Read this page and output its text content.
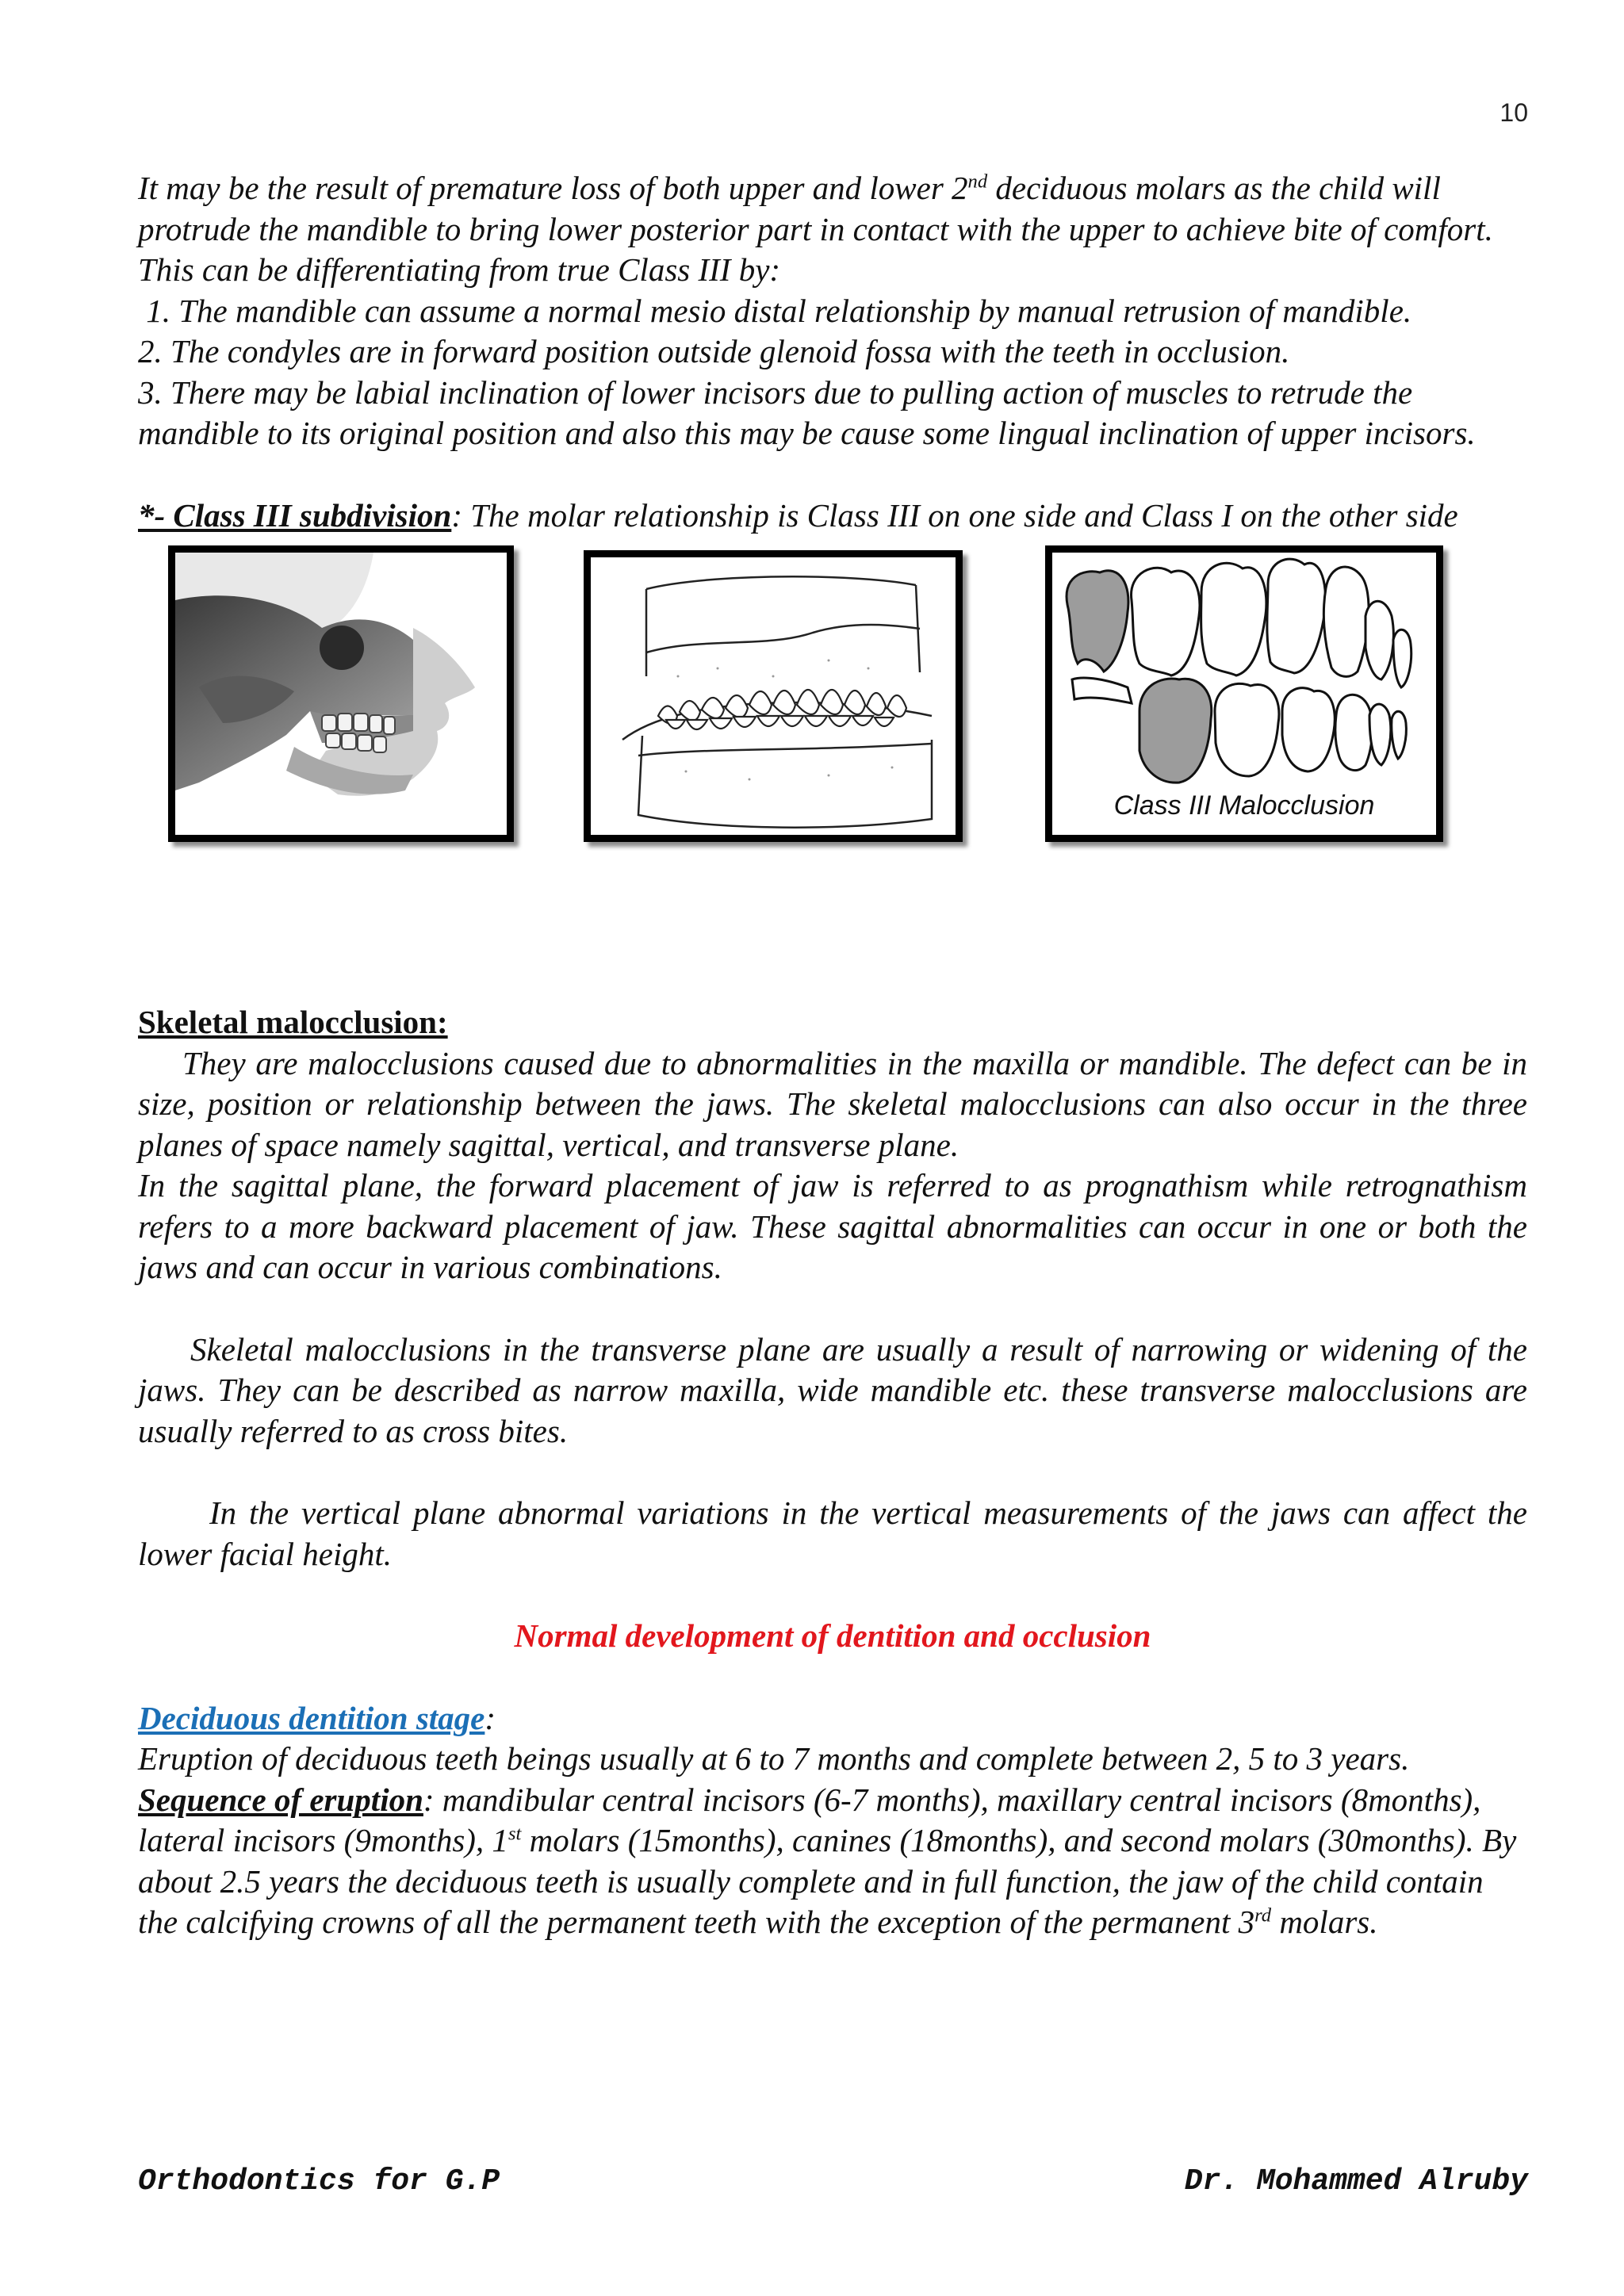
10

It may be the result of premature loss of both upper and lower 2nd deciduous molars as the child will protrude the mandible to bring lower posterior part in contact with the upper to achieve bite of comfort.

This can be differentiating from true Class III by:

1. The mandible can assume a normal mesio distal relationship by manual retrusion of mandible.

2. The condyles are in forward position outside glenoid fossa with the teeth in occlusion.

3. There may be labial inclination of lower incisors due to pulling action of muscles to retrude the mandible to its original position and also this may be cause some lingual inclination of upper incisors.

*- Class III subdivision: The molar relationship is Class III on one side and Class I on the other side

Class III Malocclusion

Skeletal malocclusion:

They are malocclusions caused due to abnormalities in the maxilla or mandible. The defect can be in size, position or relationship between the jaws. The skeletal malocclusions can also occur in the three planes of space namely sagittal, vertical, and transverse plane.

In the sagittal plane, the forward placement of jaw is referred to as prognathism while retrognathism refers to a more backward placement of jaw. These sagittal abnormalities can occur in one or both the jaws and can occur in various combinations.

Skeletal malocclusions in the transverse plane are usually a result of narrowing or widening of the jaws. They can be described as narrow maxilla, wide mandible etc. these transverse malocclusions are usually referred to as cross bites.

In the vertical plane abnormal variations in the vertical measurements of the jaws can affect the lower facial height.

Normal development of dentition and occlusion

Deciduous dentition stage:

Eruption of deciduous teeth beings usually at 6 to 7 months and complete between 2, 5 to 3 years.

Sequence of eruption: mandibular central incisors (6-7 months), maxillary central incisors (8months), lateral incisors (9months), 1st molars (15months), canines (18months), and second molars (30months). By about 2.5 years the deciduous teeth is usually complete and in full function, the jaw of the child contain the calcifying crowns of all the permanent teeth with the exception of the permanent 3rd molars.

Orthodontics for G.P	Dr. Mohammed Alruby
